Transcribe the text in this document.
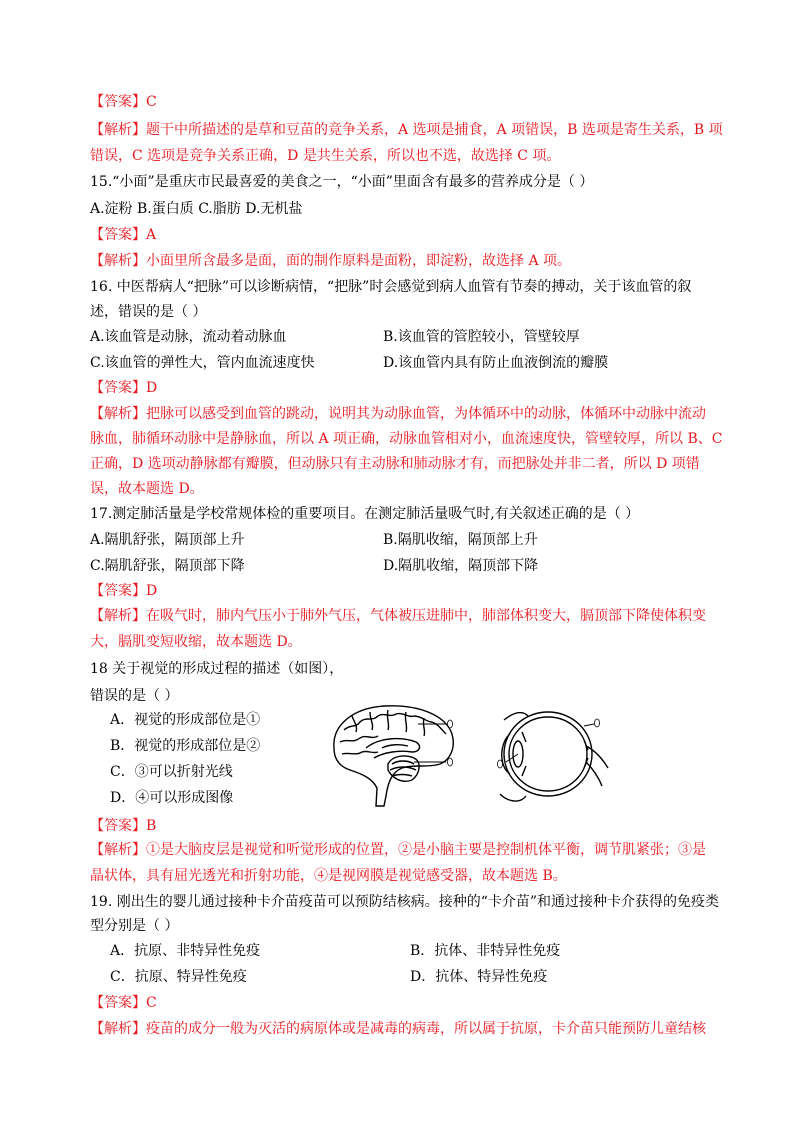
【答案】C
【解析】题干中所描述的是草和豆苗的竞争关系，A 选项是捕食，A 项错误，B 选项是寄生关系，B 项
错误，C 选项是竞争关系正确，D 是共生关系，所以也不选，故选择 C 项。
15.“小面”是重庆市民最喜爱的美食之一，“小面”里面含有最多的营养成分是（ ）
A.淀粉 B.蛋白质 C.脂肪 D.无机盐
【答案】A
【解析】小面里所含最多是面，面的制作原料是面粉，即淀粉，故选择 A 项。
16. 中医帮病人“把脉”可以诊断病情，“把脉”时会感觉到病人血管有节奏的搏动，关于该血管的叙
述，错误的是（ ）
A.该血管是动脉，流动着动脉血	B.该血管的管腔较小，管壁较厚
C.该血管的弹性大，管内血流速度快	D.该血管内具有防止血液倒流的瓣膜
【答案】D
【解析】把脉可以感受到血管的跳动，说明其为动脉血管，为体循环中的动脉，体循环中动脉中流动
脉血，肺循环动脉中是静脉血，所以 A 项正确，动脉血管相对小，血流速度快，管壁较厚，所以 B、C
正确，D 选项动静脉都有瓣膜，但动脉只有主动脉和肺动脉才有，而把脉处并非二者，所以 D 项错
误，故本题选 D。
17.测定肺活量是学校常规体检的重要项目。在测定肺活量吸气时,有关叙述正确的是（ ）
A.隔肌舒张，隔顶部上升	B.隔肌收缩，隔顶部上升
C.隔肌舒张，隔顶部下降	D.隔肌收缩，隔顶部下降
【答案】D
【解析】在吸气时，肺内气压小于肺外气压，气体被压进肺中，肺部体积变大，膈顶部下降使体积变
大，膈肌变短收缩，故本题选 D。
18 关于视觉的形成过程的描述（如图），
错误的是（ ）
A．视觉的形成部位是①
B．视觉的形成部位是②
C．③可以折射光线
D．④可以形成图像
【答案】B
【解析】①是大脑皮层是视觉和听觉形成的位置，②是小脑主要是控制机体平衡，调节肌紧张；③是
晶状体，具有屈光透光和折射功能，④是视网膜是视觉感受器，故本题选 B。
19. 刚出生的婴儿通过接种卡介苗疫苗可以预防结核病。接种的“卡介苗”和通过接种卡介获得的免疫类
型分别是（ ）
A．抗原、非特异性免疫	B．抗体、非特异性免疫
C．抗原、特异性免疫	D．抗体、特异性免疫
【答案】C
【解析】疫苗的成分一般为灭活的病原体或是减毒的病毒，所以属于抗原，卡介苗只能预防儿童结核
